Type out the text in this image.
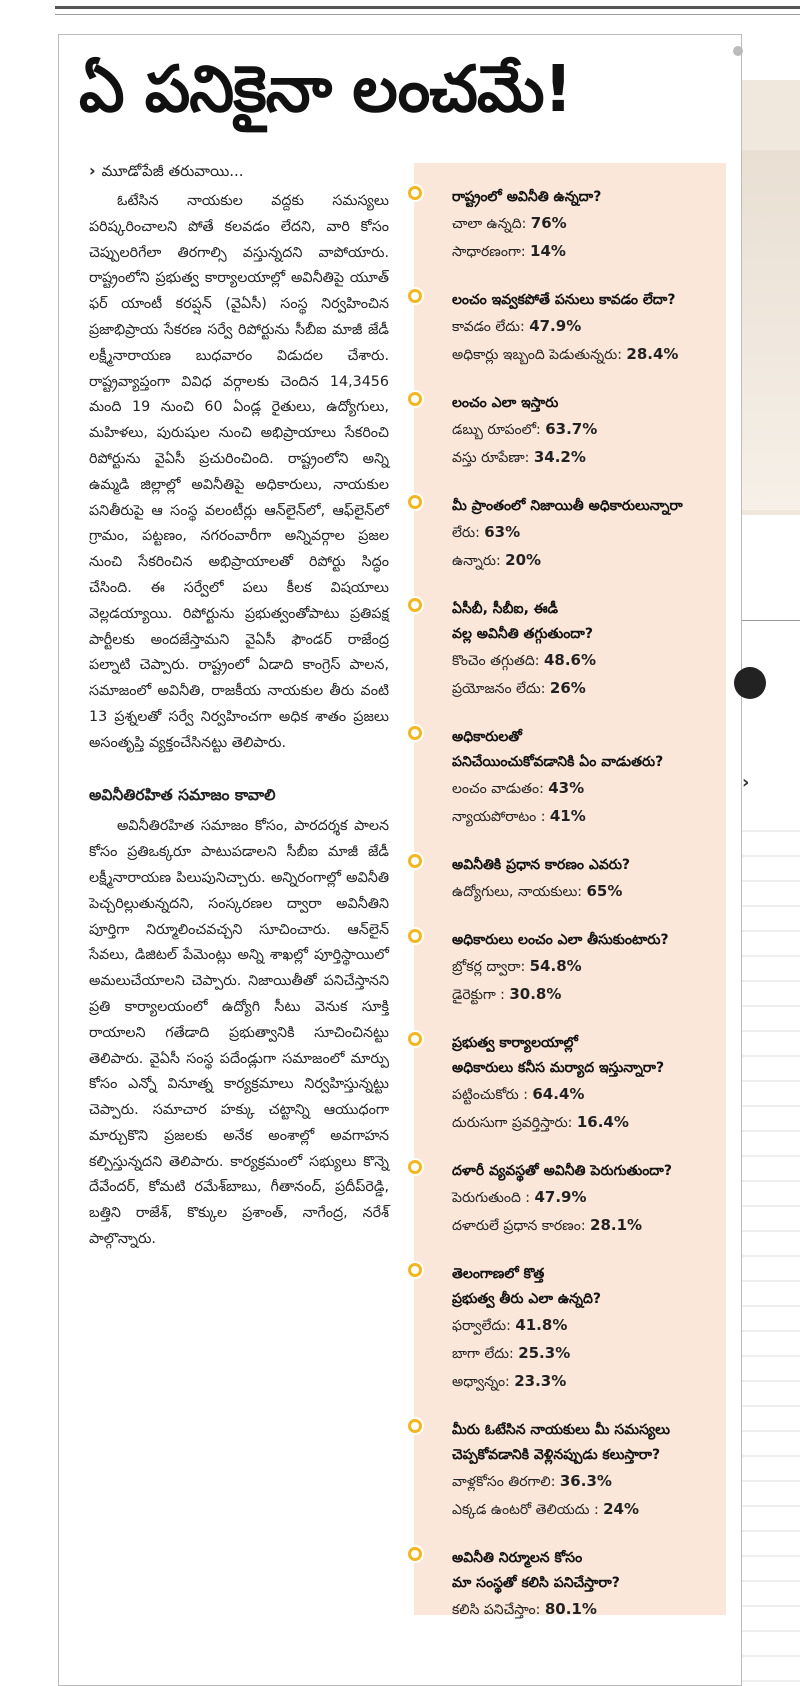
ఏ పనికైనా లంచమే!
› మూడోపేజీ తరువాయి...

ఓటేసిన నాయకుల వద్దకు సమస్యలు పరిష్కరించాలని పోతే కలవడం లేదని, వారి కోసం చెప్పులరిగేలా తిరగాల్సి వస్తున్నదని వాపోయారు. రాష్ట్రంలోని ప్రభుత్వ కార్యాలయాల్లో అవినీతిపై యూత్ ఫర్ యాంటీ కరప్షన్ (వైఏసీ) సంస్థ నిర్వహించిన ప్రజాభిప్రాయ సేకరణ సర్వే రిపోర్టును సీబీఐ మాజీ జేడీ లక్ష్మీనారాయణ బుధవారం విడుదల చేశారు. రాష్ట్రవ్యాప్తంగా వివిధ వర్గాలకు చెందిన 14,3456 మంది 19 నుంచి 60 ఏండ్ల రైతులు, ఉద్యోగులు, మహిళలు, పురుషుల నుంచి అభిప్రాయాలు సేకరించి రిపోర్టును వైఏసీ ప్రచురించింది. రాష్ట్రంలోని అన్ని ఉమ్మడి జిల్లాల్లో అవినీతిపై అధికారులు, నాయకుల పనితీరుపై ఆ సంస్థ వలంటీర్లు ఆన్‌లైన్‌లో, ఆఫ్‌లైన్‌లో గ్రామం, పట్టణం, నగరంవారీగా అన్నివర్గాల ప్రజల నుంచి సేకరించిన అభిప్రాయాలతో రిపోర్టు సిద్ధం చేసింది. ఈ సర్వేలో పలు కీలక విషయాలు వెల్లడయ్యాయి. రిపోర్టును ప్రభుత్వంతోపాటు ప్రతిపక్ష పార్టీలకు అందజేస్తామని వైఏసీ ఫౌండర్ రాజేంద్ర పల్నాటి చెప్పారు. రాష్ట్రంలో ఏడాది కాంగ్రెస్ పాలన, సమాజంలో అవినీతి, రాజకీయ నాయకుల తీరు వంటి 13 ప్రశ్నలతో సర్వే నిర్వహించగా అధిక శాతం ప్రజలు అసంతృప్తి వ్యక్తంచేసినట్టు తెలిపారు.

అవినీతిరహిత సమాజం కావాలి

అవినీతిరహిత సమాజం కోసం, పారదర్శక పాలన కోసం ప్రతిఒక్కరూ పాటుపడాలని సీబీఐ మాజీ జేడీ లక్ష్మీనారాయణ పిలుపునిచ్చారు. అన్నిరంగాల్లో అవినీతి పెచ్చరిల్లుతున్నదని, సంస్కరణల ద్వారా అవినీతిని పూర్తిగా నిర్మూలించవచ్చని సూచించారు. ఆన్‌లైన్ సేవలు, డిజిటల్ పేమెంట్లు అన్ని శాఖల్లో పూర్తిస్థాయిలో అమలుచేయాలని చెప్పారు. నిజాయితీతో పనిచేస్తానని ప్రతి కార్యాలయంలో ఉద్యోగి సీటు వెనుక సూక్తి రాయాలని గతేడాది ప్రభుత్వానికి సూచించినట్టు తెలిపారు. వైఏసీ సంస్థ పదేండ్లుగా సమాజంలో మార్పు కోసం ఎన్నో వినూత్న కార్యక్రమాలు నిర్వహిస్తున్నట్టు చెప్పారు. సమాచార హక్కు చట్టాన్ని ఆయుధంగా మార్చుకొని ప్రజలకు అనేక అంశాల్లో అవగాహన కల్పిస్తున్నదని తెలిపారు. కార్యక్రమంలో సభ్యులు కొన్నె దేవేందర్, కోమటి రమేశ్‌బాబు, గీతానంద్, ప్రదీప్‌రెడ్డి, బత్తిని రాజేశ్, కొక్కుల ప్రశాంత్, నాగేంద్ర, నరేశ్ పాల్గొన్నారు.

రాష్ట్రంలో అవినీతి ఉన్నదా?
చాలా ఉన్నది: 76%
సాధారణంగా: 14%
లంచం ఇవ్వకపోతే పనులు కావడం లేదా?
కావడం లేదు: 47.9%
అధికార్లు ఇబ్బంది పెడుతున్నరు: 28.4%
లంచం ఎలా ఇస్తారు
డబ్బు రూపంలో: 63.7%
వస్తు రూపేణా: 34.2%
మీ ప్రాంతంలో నిజాయితీ అధికారులున్నారా
లేరు: 63%
ఉన్నారు: 20%
ఏసీబీ, సీబీఐ, ఈడీ
వల్ల అవినీతి తగ్గుతుందా?
కొంచెం తగ్గుతది: 48.6%
ప్రయోజనం లేదు: 26%
అధికారులతో
పనిచేయించుకోవడానికి ఏం వాడుతరు?
లంచం వాడుతం: 43%
న్యాయపోరాటం : 41%
అవినీతికి ప్రధాన కారణం ఎవరు?
ఉద్యోగులు, నాయకులు: 65%
అధికారులు లంచం ఎలా తీసుకుంటారు?
బ్రోకర్ల ద్వారా: 54.8%
డైరెక్టుగా : 30.8%
ప్రభుత్వ కార్యాలయాల్లో
అధికారులు కనీస మర్యాద ఇస్తున్నారా?
పట్టించుకోరు : 64.4%
దురుసుగా ప్రవర్తిస్తారు: 16.4%
దళారీ వ్యవస్థతో అవినీతి పెరుగుతుందా?
పెరుగుతుంది : 47.9%
దళారులే ప్రధాన కారణం: 28.1%
తెలంగాణలో కొత్త
ప్రభుత్వ తీరు ఎలా ఉన్నది?
ఫర్వాలేదు: 41.8%
బాగా లేదు: 25.3%
అధ్వాన్నం: 23.3%
మీరు ఓటేసిన నాయకులు మీ సమస్యలు
చెప్పకోవడానికి వెళ్లినప్పుడు కలుస్తారా?
వాళ్లకోసం తిరగాలి: 36.3%
ఎక్కడ ఉంటరో తెలియదు : 24%
అవినీతి నిర్మూలన కోసం
మా సంస్థతో కలిసి పనిచేస్తారా?
కలిసి పనిచేస్తాం: 80.1%
›
